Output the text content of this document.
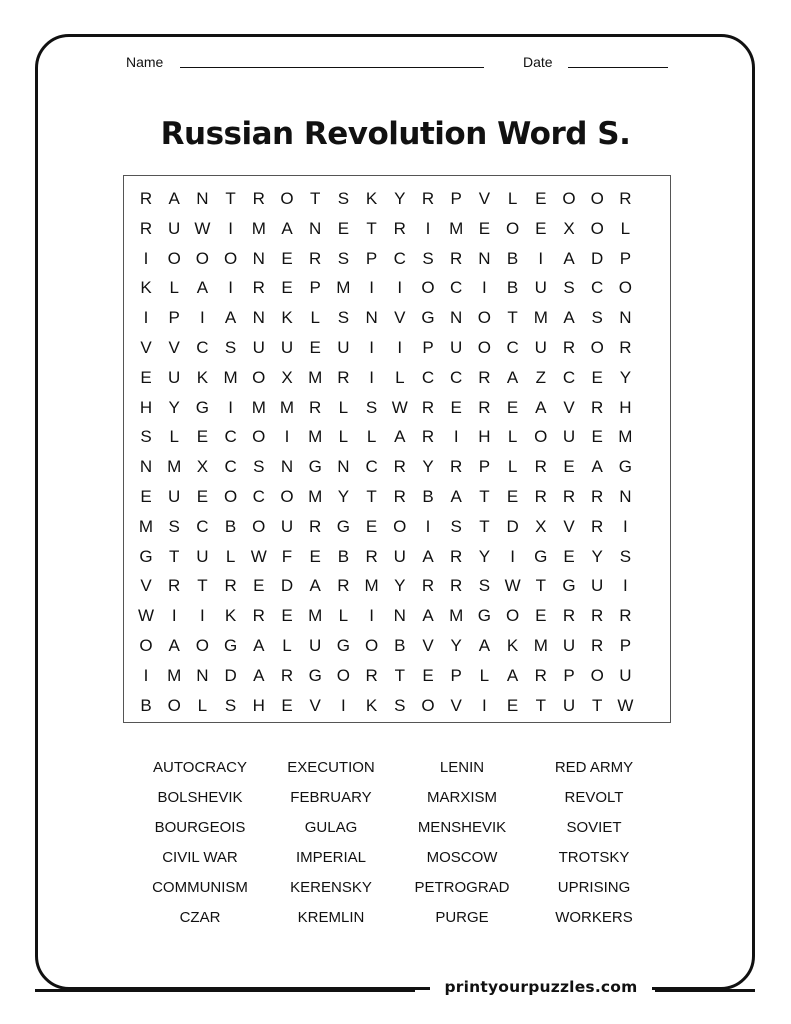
Name	Date
Russian Revolution Word S.
R A N T R O T	S K Y R P V	L	E O O R
R U W	I	M A N E	T R	I	M E O E X O L
I	O O O N E R S P C S R N B	I	A D P
K	L	A	I	R E P M	I	I	O C	I	B U S C O
I	P	I	A N K	L	S N V G N O T M A S N
V V C S U U E U	I	I	P U O C U R O R
E U K M O X M R	I	L	C C R A	Z C E Y
H Y G	I	M M R	L	S W R E R E A V R H
S	L	E C O	I	M L	L	A R	I	H	L O U E M
N M X C S N G N C R Y R P	L	R E A G
E U E O C O M Y	T R B A	T	E R R R N
M S C B O U R G E O	I	S	T D X V R	I
G T U	L W F	E B R U A R Y	I	G E Y S
V R T R E D A R M Y R R S W T G U	I
W	I	I	K R E M L	I	N A M G O E R R R
O A O G A	L	U G O B V Y A K M U R P
I	M N D A R G O R T	E P	L	A R P O U
B O L	S H E V	I	K S O V	I	E	T U T W
AUTOCRACY	EXECUTION	LENIN	RED ARMY
BOLSHEVIK	FEBRUARY	MARXISM	REVOLT
BOURGEOIS	GULAG	MENSHEVIK	SOVIET
CIVIL WAR	IMPERIAL	MOSCOW	TROTSKY
COMMUNISM	KERENSKY	PETROGRAD	UPRISING
CZAR	KREMLIN	PURGE	WORKERS
printyourpuzzles.com
